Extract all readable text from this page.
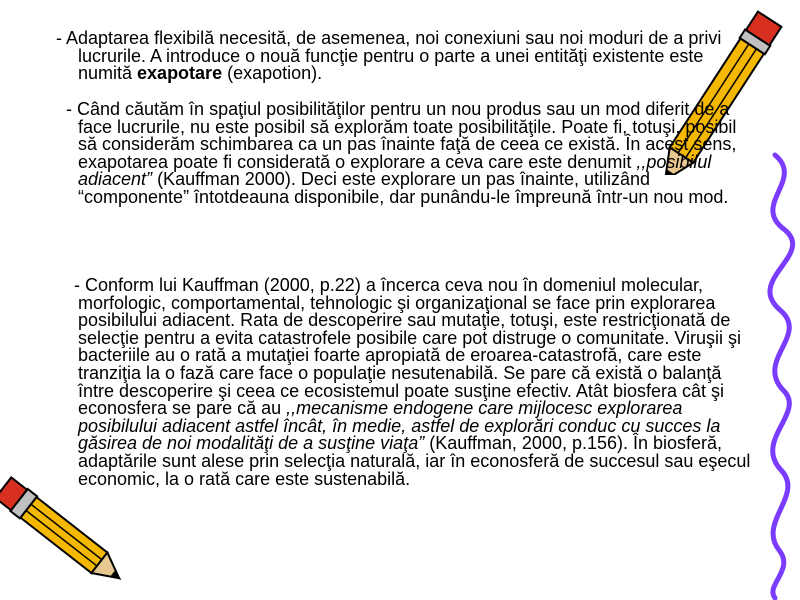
- Adaptarea flexibilă necesită, de asemenea, noi conexiuni sau noi moduri de a privi lucrurile. A introduce o nouă funcţie pentru o parte a unei entităţi existente este numită exapotare (exapotion).

- Când căutăm în spaţiul posibilităţilor pentru un nou produs sau un mod diferit de a face lucrurile, nu este posibil să explorăm toate posibilităţile. Poate fi, totuşi, posibil să considerăm schimbarea ca un pas înainte faţă de ceea ce există. În acest sens, exapotarea poate fi considerată o explorare a ceva care este denumit ,,posibilul adiacent” (Kauffman 2000). Deci este explorare un pas înainte, utilizând “componente” întotdeauna disponibile, dar punându-le împreună într-un nou mod.

- Conform lui Kauffman (2000, p.22) a încerca ceva nou în domeniul molecular, morfologic, comportamental, tehnologic şi organizaţional se face prin explorarea posibilului adiacent. Rata de descoperire sau mutaţie, totuşi, este restricţionată de selecţie pentru a evita catastrofele posibile care pot distruge o comunitate. Viruşii şi bacteriile au o rată a mutaţiei foarte apropiată de eroarea-catastrofă, care este tranziţia la o fază care face o populaţie nesutenabilă. Se pare că există o balanţă între descoperire şi ceea ce ecosistemul poate susţine efectiv. Atât biosfera cât şi econosfera se pare că au ,,mecanisme endogene care mijlocesc explorarea posibilului adiacent astfel încât, în medie, astfel de explorări conduc cu succes la găsirea de noi modalităţi de a susţine viaţa” (Kauffman, 2000, p.156). În biosferă, adaptările sunt alese prin selecţia naturală, iar în econosferă de succesul sau eşecul economic, la o rată care este sustenabilă.
